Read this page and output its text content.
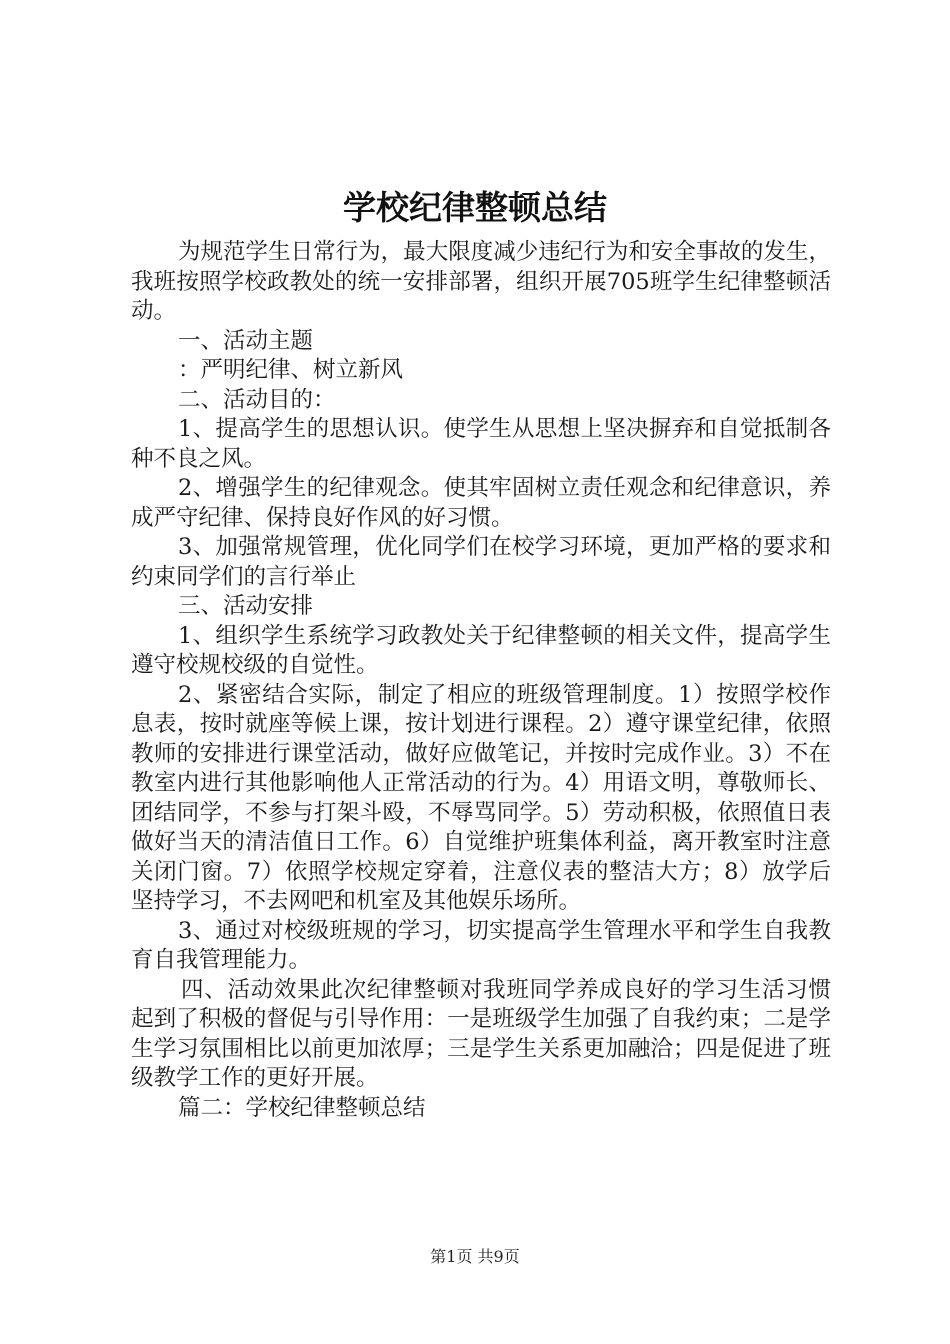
学校纪律整顿总结

为规范学生日常行为，最大限度减少违纪行为和安全事故的发生，我班按照学校政教处的统一安排部署，组织开展705班学生纪律整顿活动。

一、活动主题

：严明纪律、树立新风

二、活动目的：

1、提高学生的思想认识。使学生从思想上坚决摒弃和自觉抵制各种不良之风。

2、增强学生的纪律观念。使其牢固树立责任观念和纪律意识，养成严守纪律、保持良好作风的好习惯。

3、加强常规管理，优化同学们在校学习环境，更加严格的要求和约束同学们的言行举止

三、活动安排

1、组织学生系统学习政教处关于纪律整顿的相关文件，提高学生遵守校规校级的自觉性。

2、紧密结合实际，制定了相应的班级管理制度。1）按照学校作息表，按时就座等候上课，按计划进行课程。2）遵守课堂纪律，依照教师的安排进行课堂活动，做好应做笔记，并按时完成作业。3）不在教室内进行其他影响他人正常活动的行为。4）用语文明，尊敬师长、团结同学，不参与打架斗殴，不辱骂同学。5）劳动积极，依照值日表做好当天的清洁值日工作。6）自觉维护班集体利益，离开教室时注意关闭门窗。7）依照学校规定穿着，注意仪表的整洁大方；8）放学后坚持学习，不去网吧和机室及其他娱乐场所。

3、通过对校级班规的学习，切实提高学生管理水平和学生自我教育自我管理能力。

四、活动效果此次纪律整顿对我班同学养成良好的学习生活习惯起到了积极的督促与引导作用：一是班级学生加强了自我约束；二是学生学习氛围相比以前更加浓厚；三是学生关系更加融洽；四是促进了班级教学工作的更好开展。

篇二：学校纪律整顿总结

第1页 共9页
